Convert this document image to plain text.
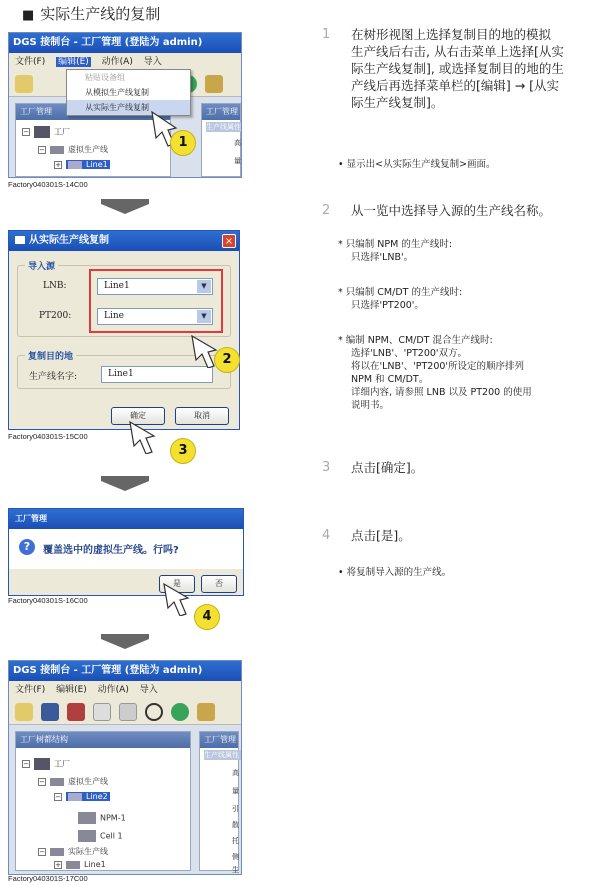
■ 实际生产线的复制
DGS 接制台 - 工厂管理 (登陆为 admin)
文件(F) 编辑(E) 动作(A) 导入
工厂管理
−	工厂
−	虚拟生产线
+	Line1
工厂管理
生产线属性
高
量
粘贴设备组
从模拟生产线复制
从实际生产线复制
1
Factory040301S-14C00
从实际生产线复制	×
导入源
LNB:	Line1	▼
PT200:	Line	▼
复制目的地
生产线名字:	Line1
确定	取消
2
3
Factory040301S-15C00
工厂管理
?	覆盖选中的虚拟生产线。行吗?
是	否
Factory040301S-16C00
4
DGS 接制台 - 工厂管理 (登陆为 admin)
文件(F) 编辑(E) 动作(A) 导入
工厂树都结构
−	工厂
−	虚拟生产线
−	Line2
NPM-1
Cell 1
−	实际生产线
+	Line1
工厂管理
生产线属性
高
量
引
散
托
侧
生
Factory040301S-17C00
1 在树形视图上选择复制目的地的模拟
生产线后右击, 从右击菜单上选择[从实
际生产线复制], 或选择复制目的地的生
产线后再选择菜单栏的[编辑] → [从实
际生产线复制]。
• 显示出<从实际生产线复制>画面。
2 从一览中选择导入源的生产线名称。
* 只编制 NPM 的生产线时:
只选择'LNB'。
* 只编制 CM/DT 的生产线时:
只选择'PT200'。
* 编制 NPM、CM/DT 混合生产线时:
选择'LNB'、'PT200'双方。
将以在'LNB'、'PT200'所设定的顺序排列
NPM 和 CM/DT。
详细内容, 请参照 LNB 以及 PT200 的使用
说明书。
3 点击[确定]。
4 点击[是]。
• 将复制导入源的生产线。
